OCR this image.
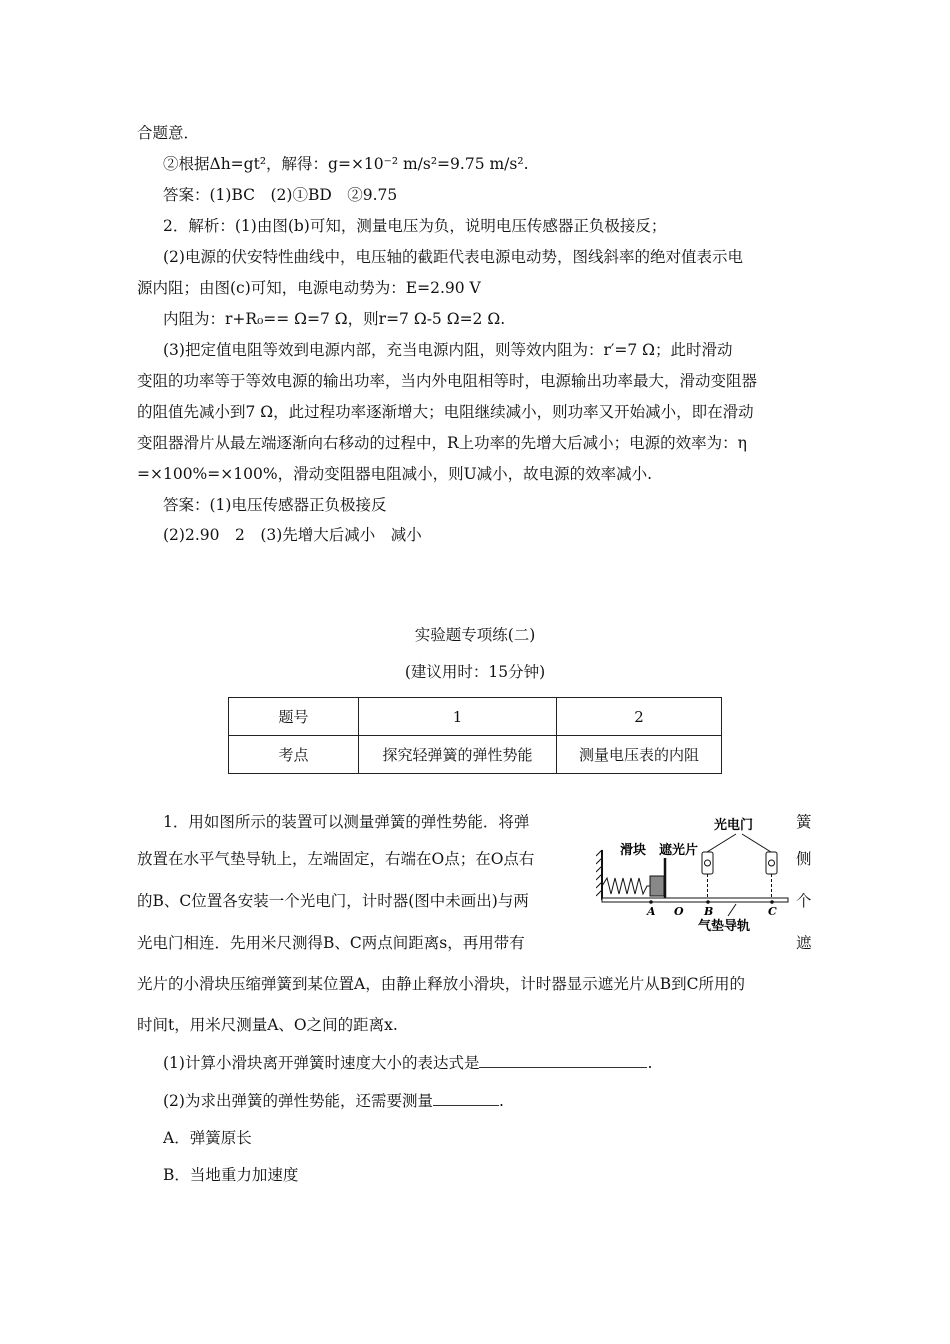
合题意．
②根据Δh=gt²，解得：g=×10⁻² m/s²=9.75 m/s².
答案：(1)BC　(2)①BD　②9.75
2．解析：(1)由图(b)可知，测量电压为负，说明电压传感器正负极接反；
(2)电源的伏安特性曲线中，电压轴的截距代表电源电动势，图线斜率的绝对值表示电
源内阻；由图(c)可知，电源电动势为：E=2.90 V
内阻为：r+R₀== Ω=7 Ω，则r=7 Ω-5 Ω=2 Ω.
(3)把定值电阻等效到电源内部，充当电源内阻，则等效内阻为：r′=7 Ω；此时滑动
变阻的功率等于等效电源的输出功率，当内外电阻相等时，电源输出功率最大，滑动变阻器
的阻值先减小到7 Ω，此过程功率逐渐增大；电阻继续减小，则功率又开始减小，即在滑动
变阻器滑片从最左端逐渐向右移动的过程中，R上功率的先增大后减小；电源的效率为：η
=×100%=×100%，滑动变阻器电阻减小，则U减小，故电源的效率减小.
答案：(1)电压传感器正负极接反
(2)2.90　2　(3)先增大后减小　减小
实验题专项练(二)
(建议用时：15分钟)
题号	1	2
考点	探究轻弹簧的弹性势能	测量电压表的内阻
1．用如图所示的装置可以测量弹簧的弹性势能．将弹	簧
放置在水平气垫导轨上，左端固定，右端在O点；在O点右	侧
的B、C位置各安装一个光电门，计时器(图中未画出)与两	个
光电门相连．先用米尺测得B、C两点间距离s，再用带有	遮
光片的小滑块压缩弹簧到某位置A，由静止释放小滑块，计时器显示遮光片从B到C所用的
时间t，用米尺测量A、O之间的距离x.
(1)计算小滑块离开弹簧时速度大小的表达式是	.
(2)为求出弹簧的弹性势能，还需要测量	.
A．弹簧原长
B．当地重力加速度
光电门
滑块 遮光片
气垫导轨
A O B	C
